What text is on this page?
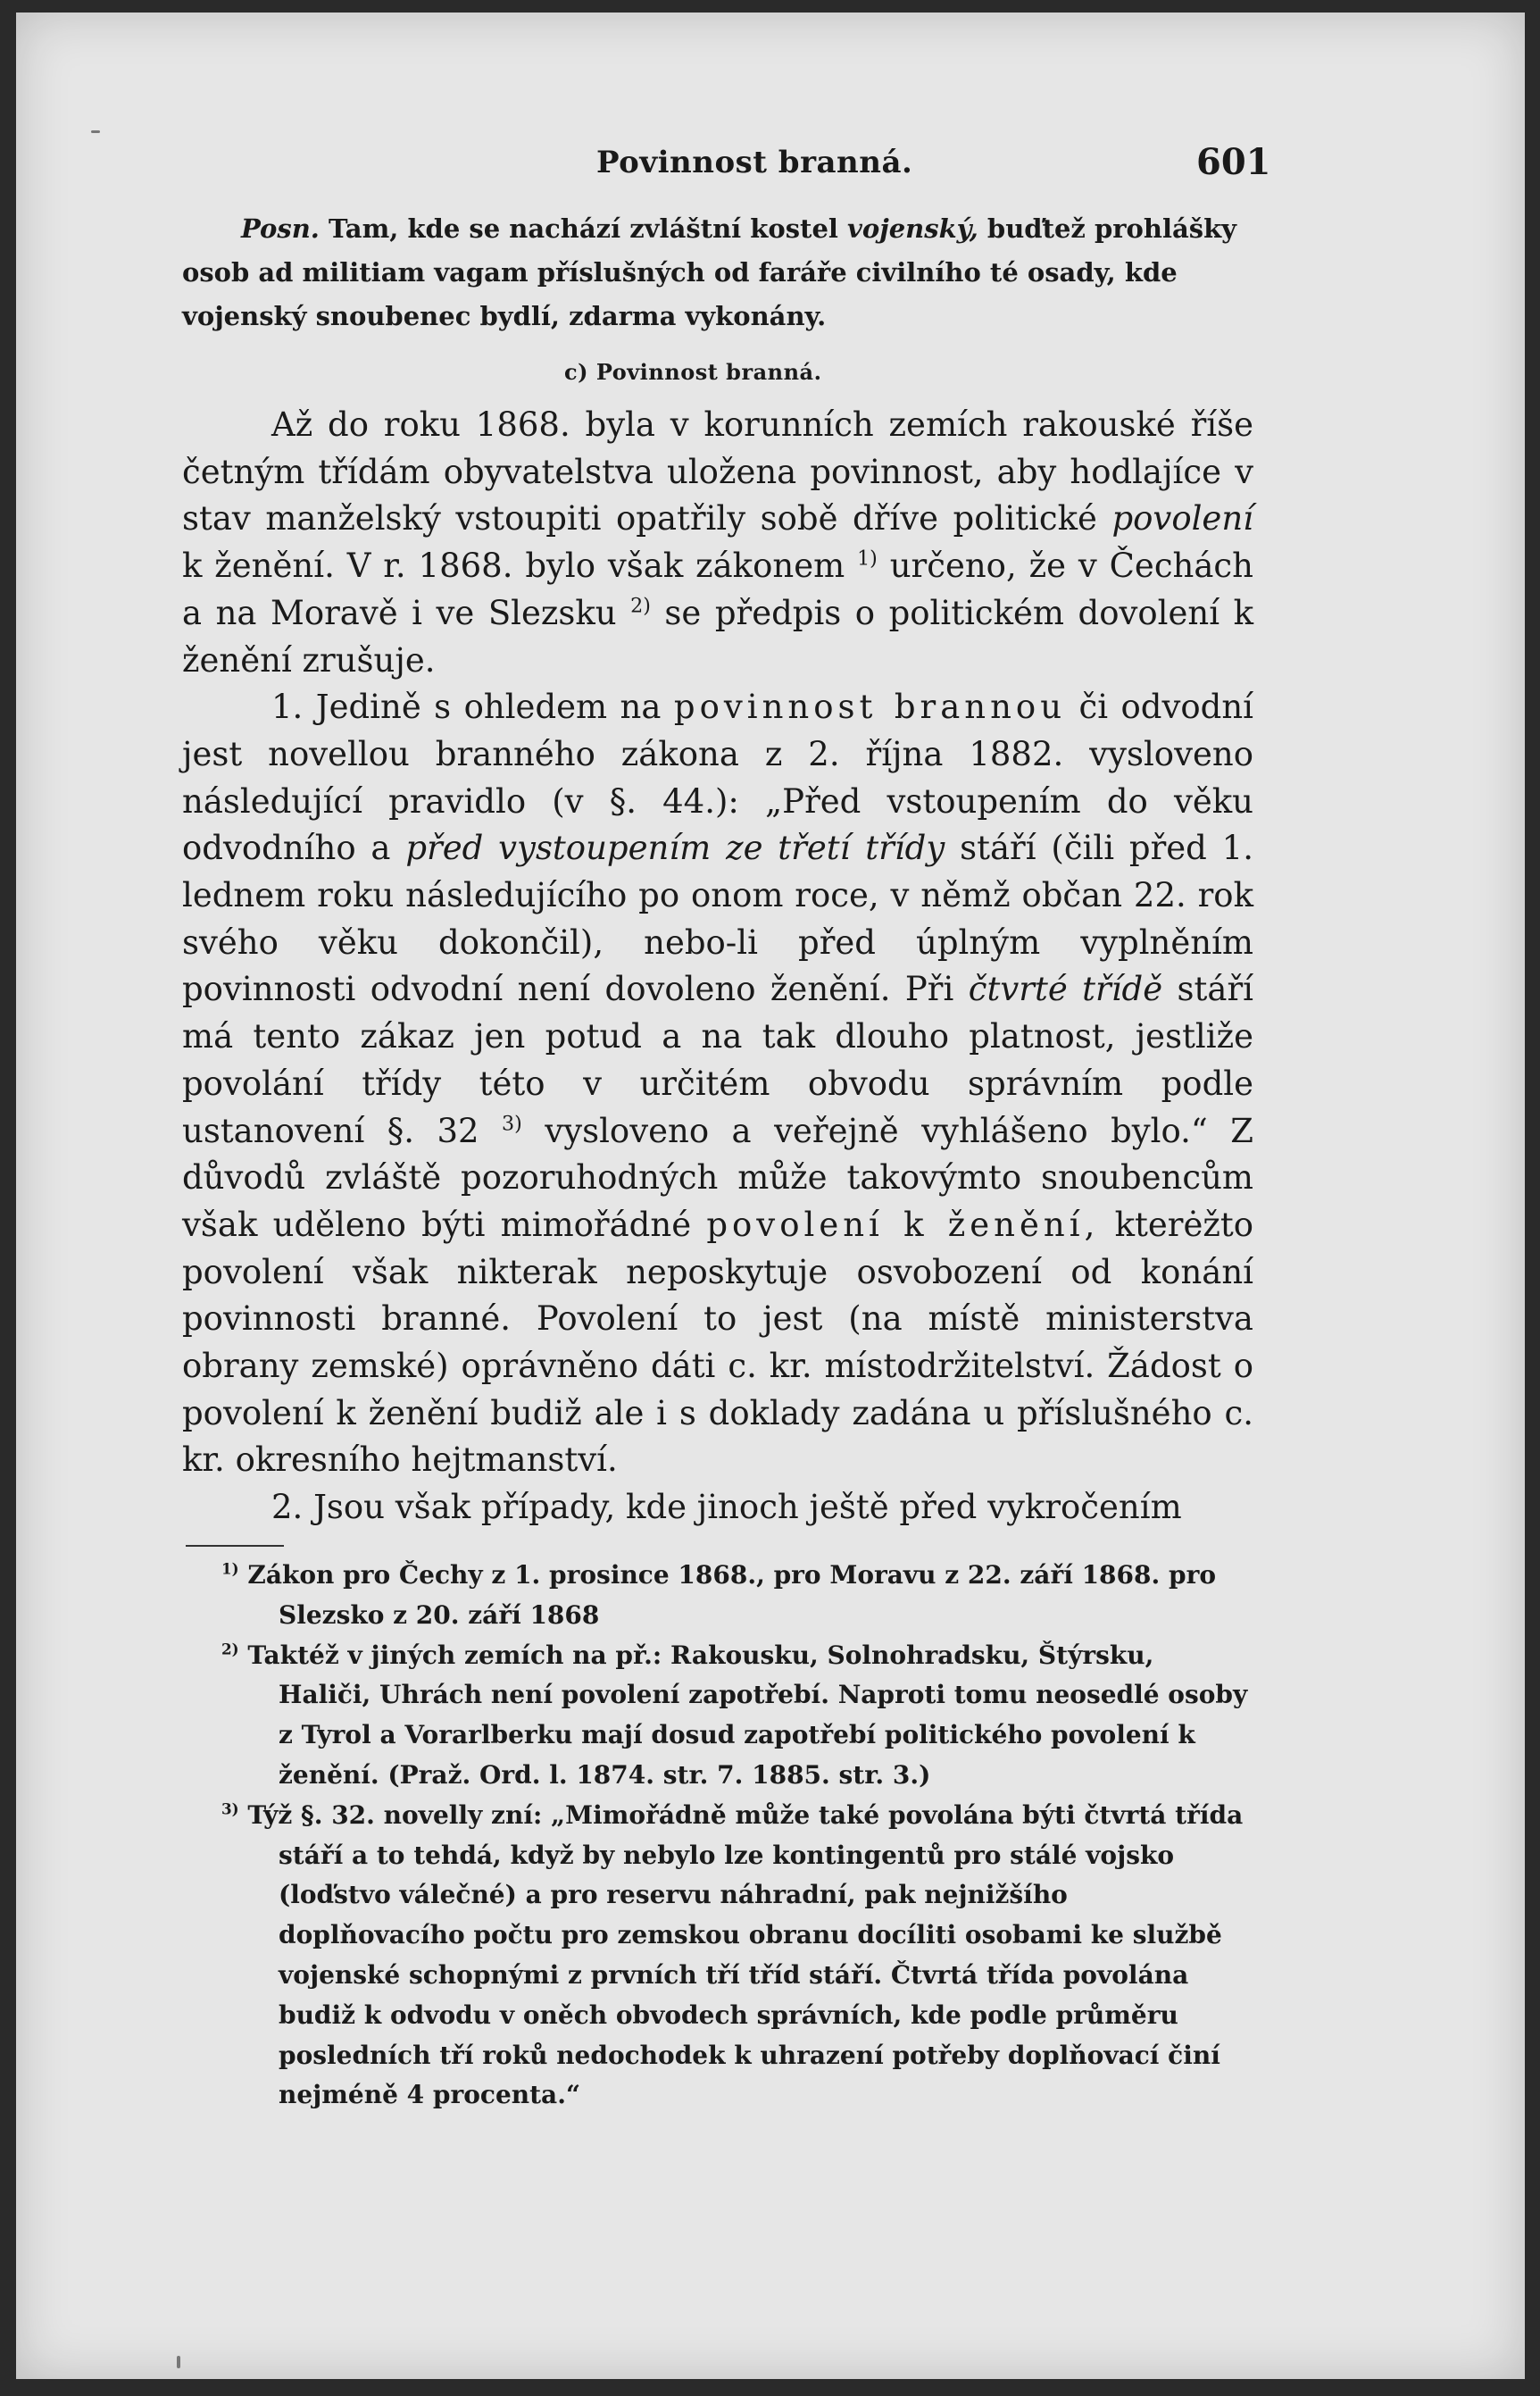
Povinnost branná.	601
Posn. Tam, kde se nachází zvláštní kostel vojenský, buďtež prohlášky osob ad militiam vagam příslušných od faráře civilního té osady, kde vojenský snoubenec bydlí, zdarma vykonány.
c) Povinnost branná.

Až do roku 1868. byla v korunních zemích rakouské říše četným třídám obyvatelstva uložena povinnost, aby hodlajíce v stav manželský vstoupiti opatřily sobě dříve politické povolení k ženění. V r. 1868. bylo však zákonem $^{1)}$ určeno, že v Čechách a na Moravě i ve Slezsku $^{2)}$ se předpis o politickém dovolení k ženění zrušuje.

1. Jedině s ohledem na povinnost brannou či odvodní jest novellou branného zákona z 2. října 1882. vysloveno následující pravidlo (v §. 44.): „Před vstoupením do věku odvodního a před vystoupením ze třetí třídy stáří (čili před 1. lednem roku následujícího po onom roce, v němž občan 22. rok svého věku dokončil), nebo-li před úplným vyplněním povinnosti odvodní není dovoleno ženění. Při čtvrté třídě stáří má tento zákaz jen potud a na tak dlouho platnost, jestliže povolání třídy této v určitém obvodu správním podle ustanovení §. 32 $^{3)}$ vysloveno a veřejně vyhlášeno bylo.“ Z důvodů zvláště pozoruhodných může takovýmto snoubencům však uděleno býti mimořádné povolení k ženění, kterėžto povolení však nikterak neposkytuje osvobození od konání povinnosti branné. Povolení to jest (na místě ministerstva obrany zemské) oprávněno dáti c. kr. místodržitelství. Žádost o povolení k ženění budiž ale i s doklady zadána u příslušného c. kr. okresního hejtmanství.

2. Jsou však případy, kde jinoch ještě před vykročením

$^{1)}$ Zákon pro Čechy z 1. prosince 1868., pro Moravu z 22. září 1868. pro Slezsko z 20. září 1868

$^{2)}$ Taktéž v jiných zemích na př.: Rakousku, Solnohradsku, Štýrsku, Haliči, Uhrách není povolení zapotřebí. Naproti tomu neosedlé osoby z Tyrol a Vorarlberku mají dosud zapotřebí politického povolení k ženění. (Praž. Ord. l. 1874. str. 7. 1885. str. 3.)

$^{3)}$ Týž §. 32. novelly zní: „Mimořádně může také povolána býti čtvrtá třída stáří a to tehdá, když by nebylo lze kontingentů pro stálé vojsko (loďstvo válečné) a pro reservu náhradní, pak nejnižšího doplňovacího počtu pro zemskou obranu docíliti osobami ke službě vojenské schopnými z prvních tří tříd stáří. Čtvrtá třída povolána budiž k odvodu v oněch obvodech správních, kde podle průměru posledních tří roků nedochodek k uhrazení potřeby doplňovací činí nejméně 4 procenta.“
